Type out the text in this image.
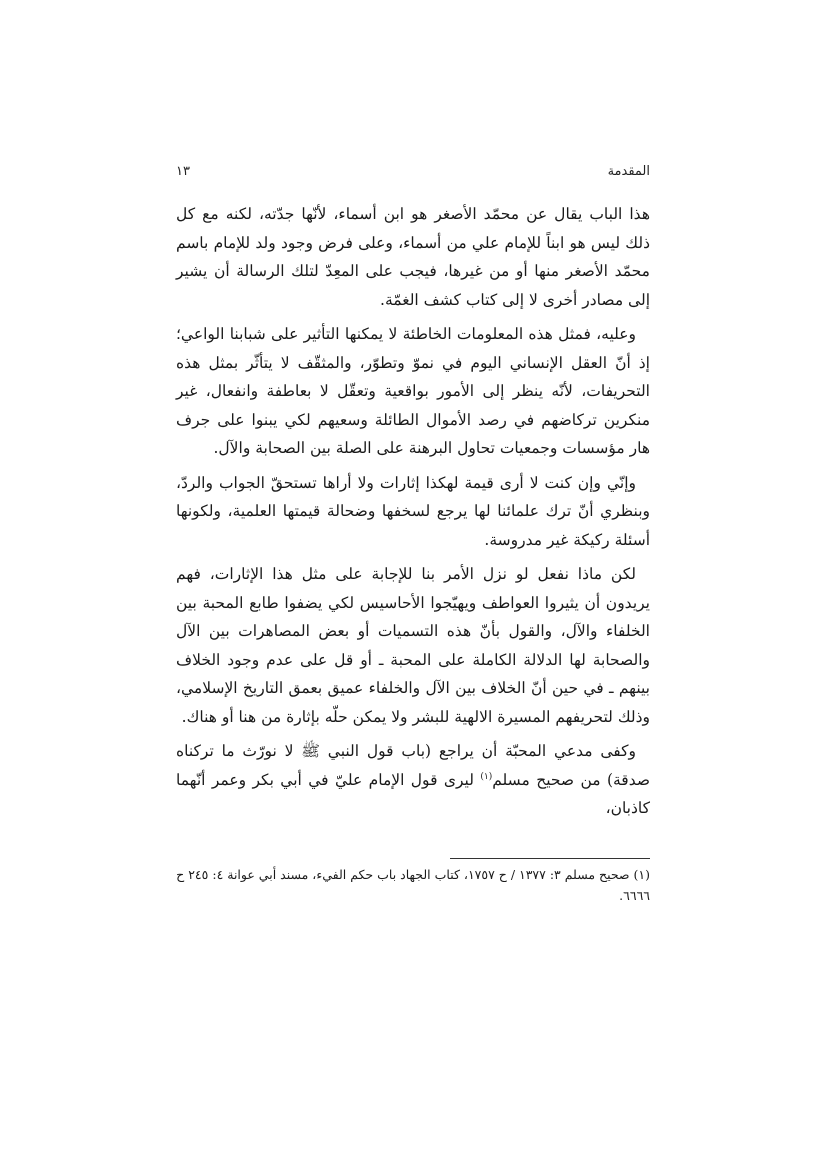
المقدمة
١٣

هذا الباب يقال عن محمّد الأصغر هو ابن أسماء، لأنّها جدّته، لكنه مع كل ذلك ليس هو ابناً للإمام علي من أسماء، وعلى فرض وجود ولد للإمام باسم محمّد الأصغر منها أو من غيرها، فيجب على المعِدّ لتلك الرسالة أن يشير إلى مصادر أخرى لا إلى كتاب كشف الغمّة.

وعليه، فمثل هذه المعلومات الخاطئة لا يمكنها التأثير على شبابنا الواعي؛ إذ أنّ العقل الإنساني اليوم في نموّ وتطوّر، والمثقّف لا يتأثّر بمثل هذه التحريفات، لأنّه ينظر إلى الأمور بواقعية وتعقّل لا بعاطفة وانفعال، غير منكرين تركاضهم في رصد الأموال الطائلة وسعيهم لكي يبنوا على جرف هار مؤسسات وجمعيات تحاول البرهنة على الصلة بين الصحابة والآل.

وإنّي وإن كنت لا أرى قيمة لهكذا إثارات ولا أراها تستحقّ الجواب والردّ، وبنظري أنّ ترك علمائنا لها يرجع لسخفها وضحالة قيمتها العلمية، ولكونها أسئلة ركيكة غير مدروسة.

لكن ماذا نفعل لو نزل الأمر بنا للإجابة على مثل هذا الإثارات، فهم يريدون أن يثيروا العواطف ويهيّجوا الأحاسيس لكي يضفوا طابع المحبة بين الخلفاء والآل، والقول بأنّ هذه التسميات أو بعض المصاهرات بين الآل والصحابة لها الدلالة الكاملة على المحبة ـ أو قل على عدم وجود الخلاف بينهم ـ في حين أنّ الخلاف بين الآل والخلفاء عميق بعمق التاريخ الإسلامي، وذلك لتحريفهم المسيرة الالهية للبشر ولا يمكن حلّه بإثارة من هنا أو هناك.

وكفى مدعي المحبّة أن يراجع (باب قول النبي ﷺ لا نورّث ما تركناه صدقة) من صحيح مسلم$^{(١)}$ ليرى قول الإمام عليّ في أبي بكر وعمر أنّهما كاذبان،

(١) صحيح مسلم ٣: ١٣٧٧ / ح ١٧٥٧، كتاب الجهاد باب حكم الفيء، مسند أبي عوانة ٤: ٢٤٥ ح ٦٦٦٦.
